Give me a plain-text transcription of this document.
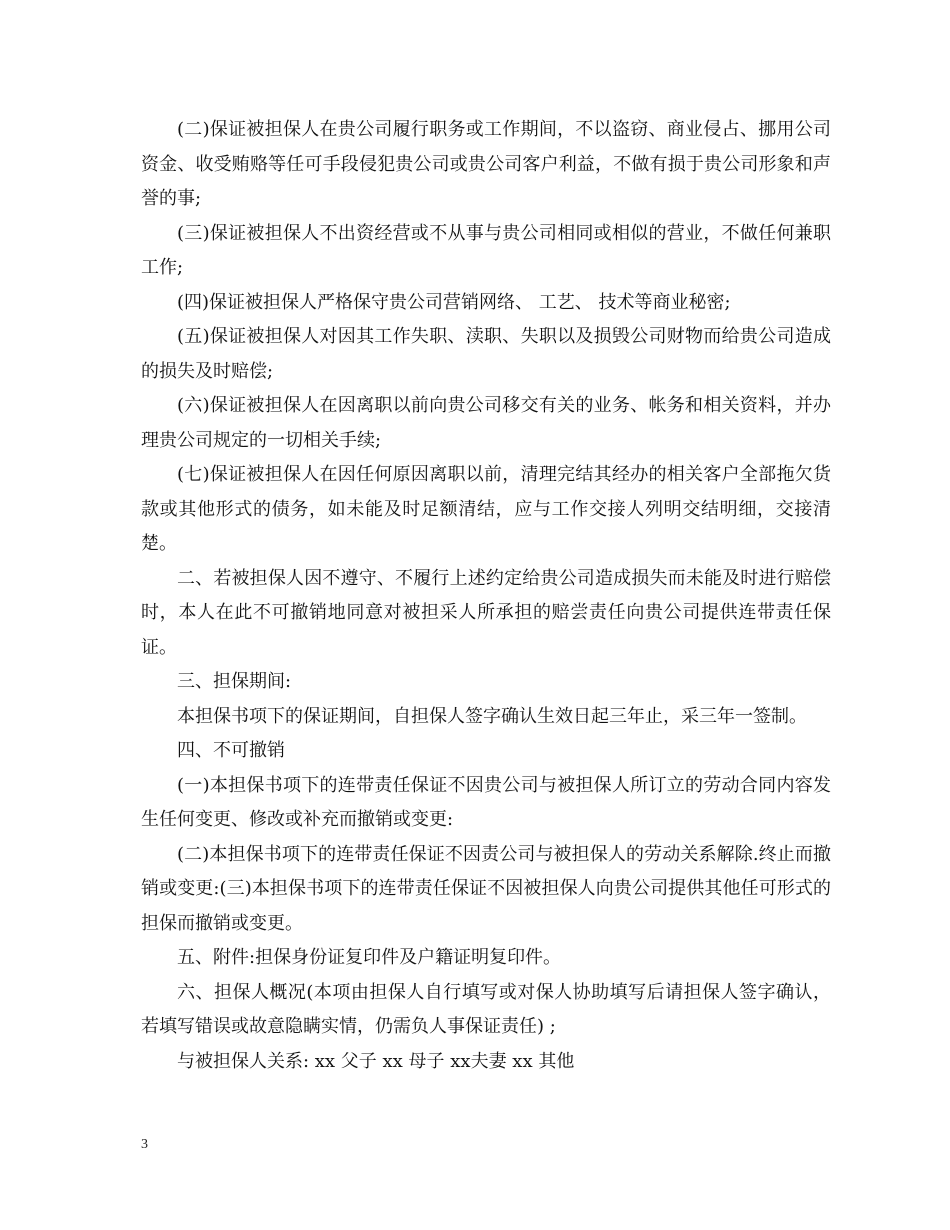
(二)保证被担保人在贵公司履行职务或工作期间，不以盗窃、商业侵占、挪用公司资金、收受贿赂等任可手段侵犯贵公司或贵公司客户利益，不做有损于贵公司形象和声誉的事;

(三)保证被担保人不出资经营或不从事与贵公司相同或相似的营业，不做任何兼职工作;

(四)保证被担保人严格保守贵公司营销网络、 工艺、 技术等商业秘密;

(五)保证被担保人对因其工作失职、渎职、失职以及损毁公司财物而给贵公司造成的损失及时赔偿;

(六)保证被担保人在因离职以前向贵公司移交有关的业务、帐务和相关资料，并办理贵公司规定的一切相关手续;

(七)保证被担保人在因任何原因离职以前，清理完结其经办的相关客户全部拖欠货款或其他形式的债务，如未能及时足额清结，应与工作交接人列明交结明细，交接清楚。

二、若被担保人因不遵守、不履行上述约定给贵公司造成损失而未能及时进行赔偿时，本人在此不可撤销地同意对被担采人所承担的赔尝责任向贵公司提供连带责任保证。

三、担保期间:

本担保书项下的保证期间，自担保人签字确认生效日起三年止，采三年一签制。

四、不可撤销

(一)本担保书项下的连带责任保证不因贵公司与被担保人所订立的劳动合同内容发生任何变更、修改或补充而撤销或变更:

(二)本担保书项下的连带责任保证不因责公司与被担保人的劳动关系解除.终止而撤销或变更:(三)本担保书项下的连带责任保证不因被担保人向贵公司提供其他任可形式的担保而撤销或变更。

五、附件:担保身份证复印件及户籍证明复印件。

六、担保人概况(本项由担保人自行填写或对保人协助填写后请担保人签字确认，若填写错误或故意隐瞒实情，仍需负人事保证责任) ;

与被担保人关系: xx 父子 xx 母子 xx夫妻 xx 其他

3
